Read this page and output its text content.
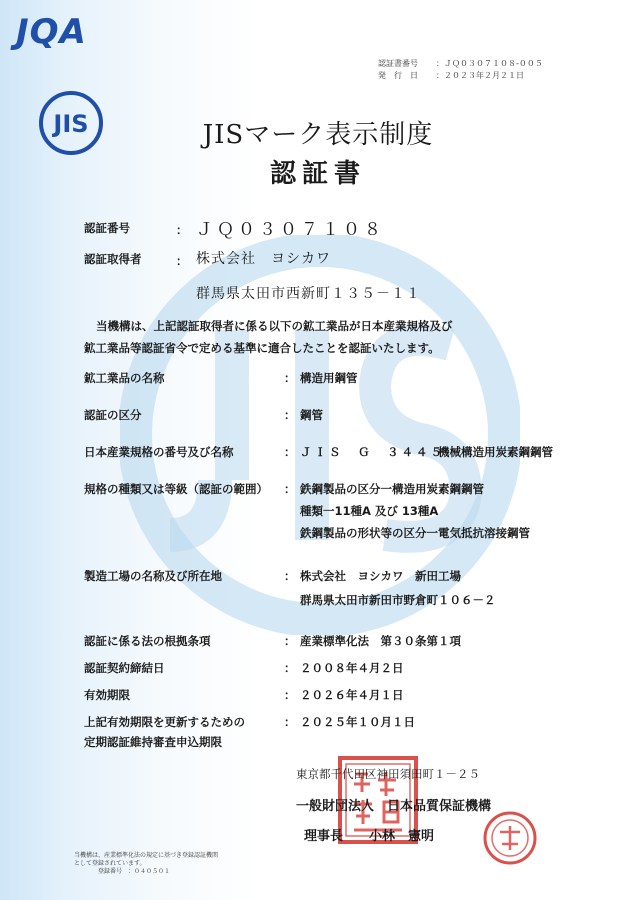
JQA
認証書番号	：ＪＱ０３０７１０８-００５
発　行　日	：２０２３年２月２１日
JIS	JISマーク表示制度
認証書
認証番号	： ＪＱ０３０７１０８
認証取得者	： 株式会社　ヨシカワ
群馬県太田市西新町１３５－１１
当機構は、上記認証取得者に係る以下の鉱工業品が日本産業規格及び
鉱工業品等認証省令で定める基準に適合したことを認証いたします。
鉱工業品の名称	： 構造用鋼管
認証の区分	： 鋼管
日本産業規格の番号及び名称	： ＪＩＳ　Ｇ　３４４５
機械構造用炭素鋼鋼管
規格の種類又は等級（認証の範囲） ： 鉄鋼製品の区分一構造用炭素鋼鋼管
種類一11種A 及び 13種A
鉄鋼製品の形状等の区分一電気抵抗溶接鋼管
製造工場の名称及び所在地	： 株式会社　ヨシカワ　新田工場
群馬県太田市新田市野倉町１０６－２
認証に係る法の根拠条項	： 産業標準化法　第３０条第１項
認証契約締結日	： ２００８年４月２日
有効期限	： ２０２６年４月１日
上記有効期限を更新するための
定期認証維持審査申込期限
： ２０２５年１０月１日
東京都千代田区神田須田町１－２５
一般財団法人　日本品質保証機構
理事長　　小林　憲明
当機構は、産業標準化法の規定に基づき登録認証機関
として登録されています。
登録番号　：０４０５０１
